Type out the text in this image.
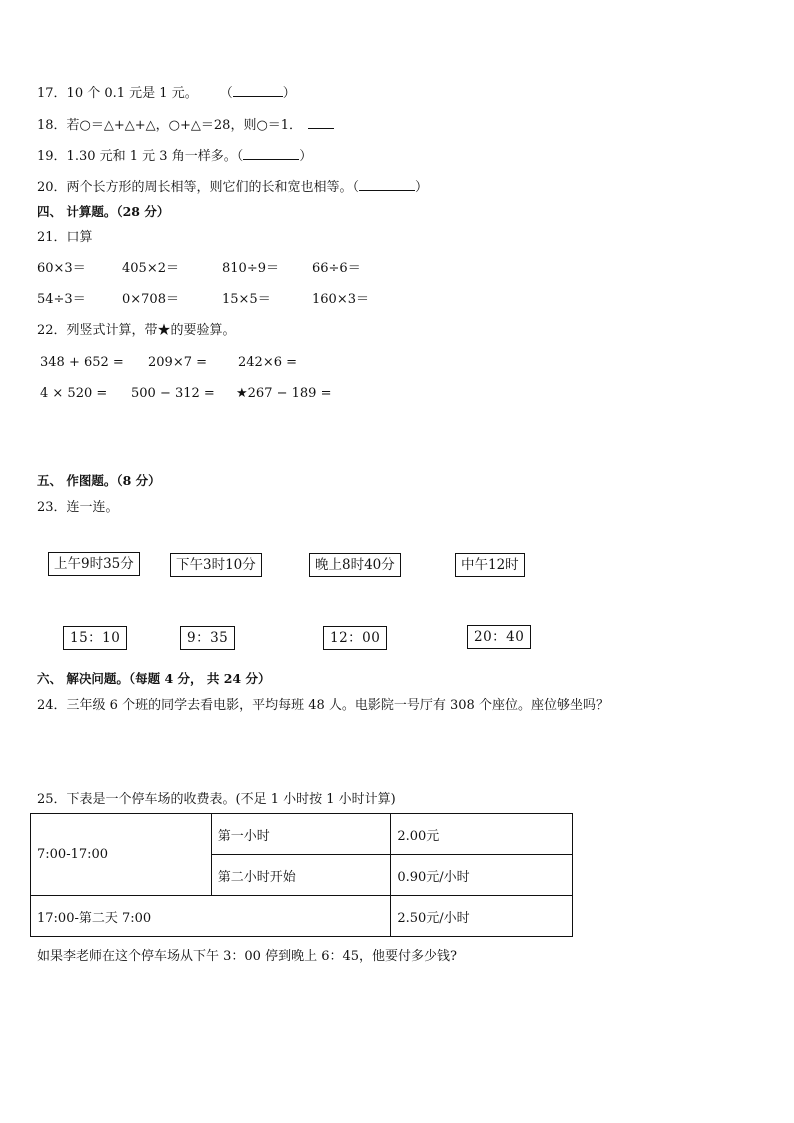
17．10 个 0.1 元是 1 元。 （	）
18．若○＝△+△+△，○+△＝28，则○＝1．
19．1.30 元和 1 元 3 角一样多。（	）
20．两个长方形的周长相等，则它们的长和宽也相等。（	）
四、 计算题。（28 分）
21．口算
60×3＝	405×2＝	810÷9＝	66÷6＝
54÷3＝	0×708＝	15×5＝	160×3＝
22．列竖式计算，带★的要验算。
348 + 652 = 209×7 = 242×6 =
4 × 520 = 500 − 312 = ★267 − 189 =
五、 作图题。（8 分）
23．连一连。
上午9时35分	下午3时10分	晚上8时40分	中午12时
15：10	9：35	12：00	20：40
六、 解决问题。（每题 4 分， 共 24 分）
24．三年级 6 个班的同学去看电影，平均每班 48 人。电影院一号厅有 308 个座位。座位够坐吗？
25．下表是一个停车场的收费表。(不足 1 小时按 1 小时计算)
7:00-17:00	第一小时	2.00元
	第二小时开始	0.90元/小时
17:00-第二天 7:00		2.50元/小时
如果李老师在这个停车场从下午 3：00 停到晚上 6：45，他要付多少钱?
